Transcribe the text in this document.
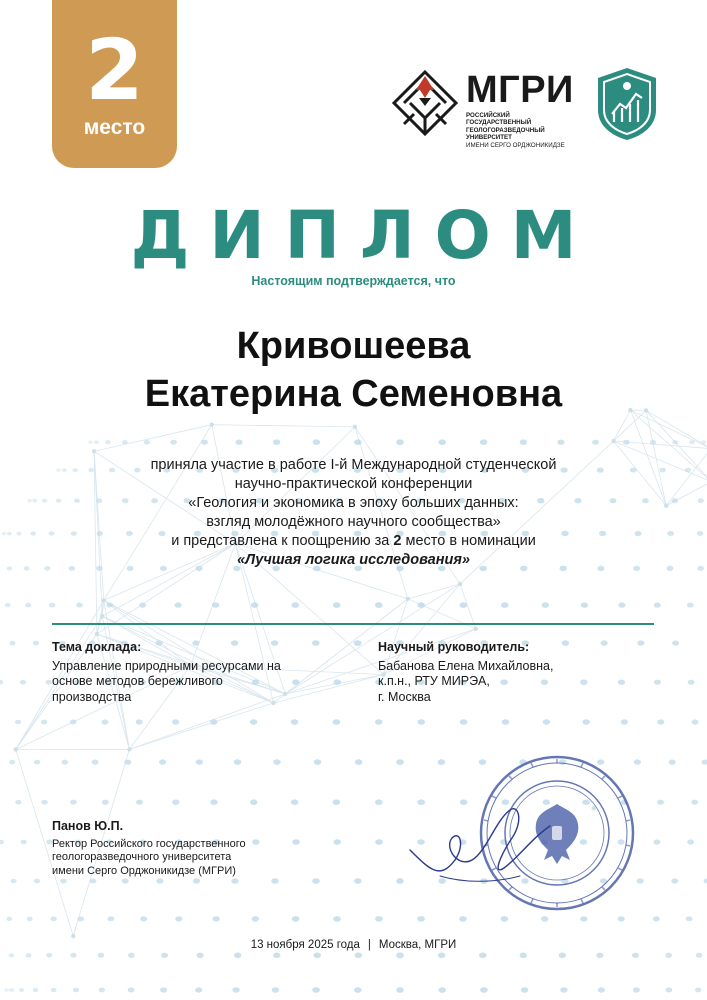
2
место
МГРИ
РОССИЙСКИЙ ГОСУДАРСТВЕННЫЙ
ГЕОЛОГОРАЗВЕДОЧНЫЙ УНИВЕРСИТЕТ
ИМЕНИ СЕРГО ОРДЖОНИКИДЗЕ
ДИПЛОМ
Настоящим подтверждается, что
Кривошеева
Екатерина Семеновна
приняла участие в работе I-й Международной студенческой
научно-практической конференции
«Геология и экономика в эпоху больших данных:
взгляд молодёжного научного сообщества»
и представлена к поощрению за 2 место в номинации
«Лучшая логика исследования»
Тема доклада:
Управление природными ресурсами на
основе методов бережливого
производства
Научный руководитель:
Бабанова Елена Михайловна,
к.п.н., РТУ МИРЭА,
г. Москва
Панов Ю.П.
Ректор Российского государственного
геологоразведочного университета
имени Серго Орджоникидзе (МГРИ)
13 ноября 2025 года | Москва, МГРИ
